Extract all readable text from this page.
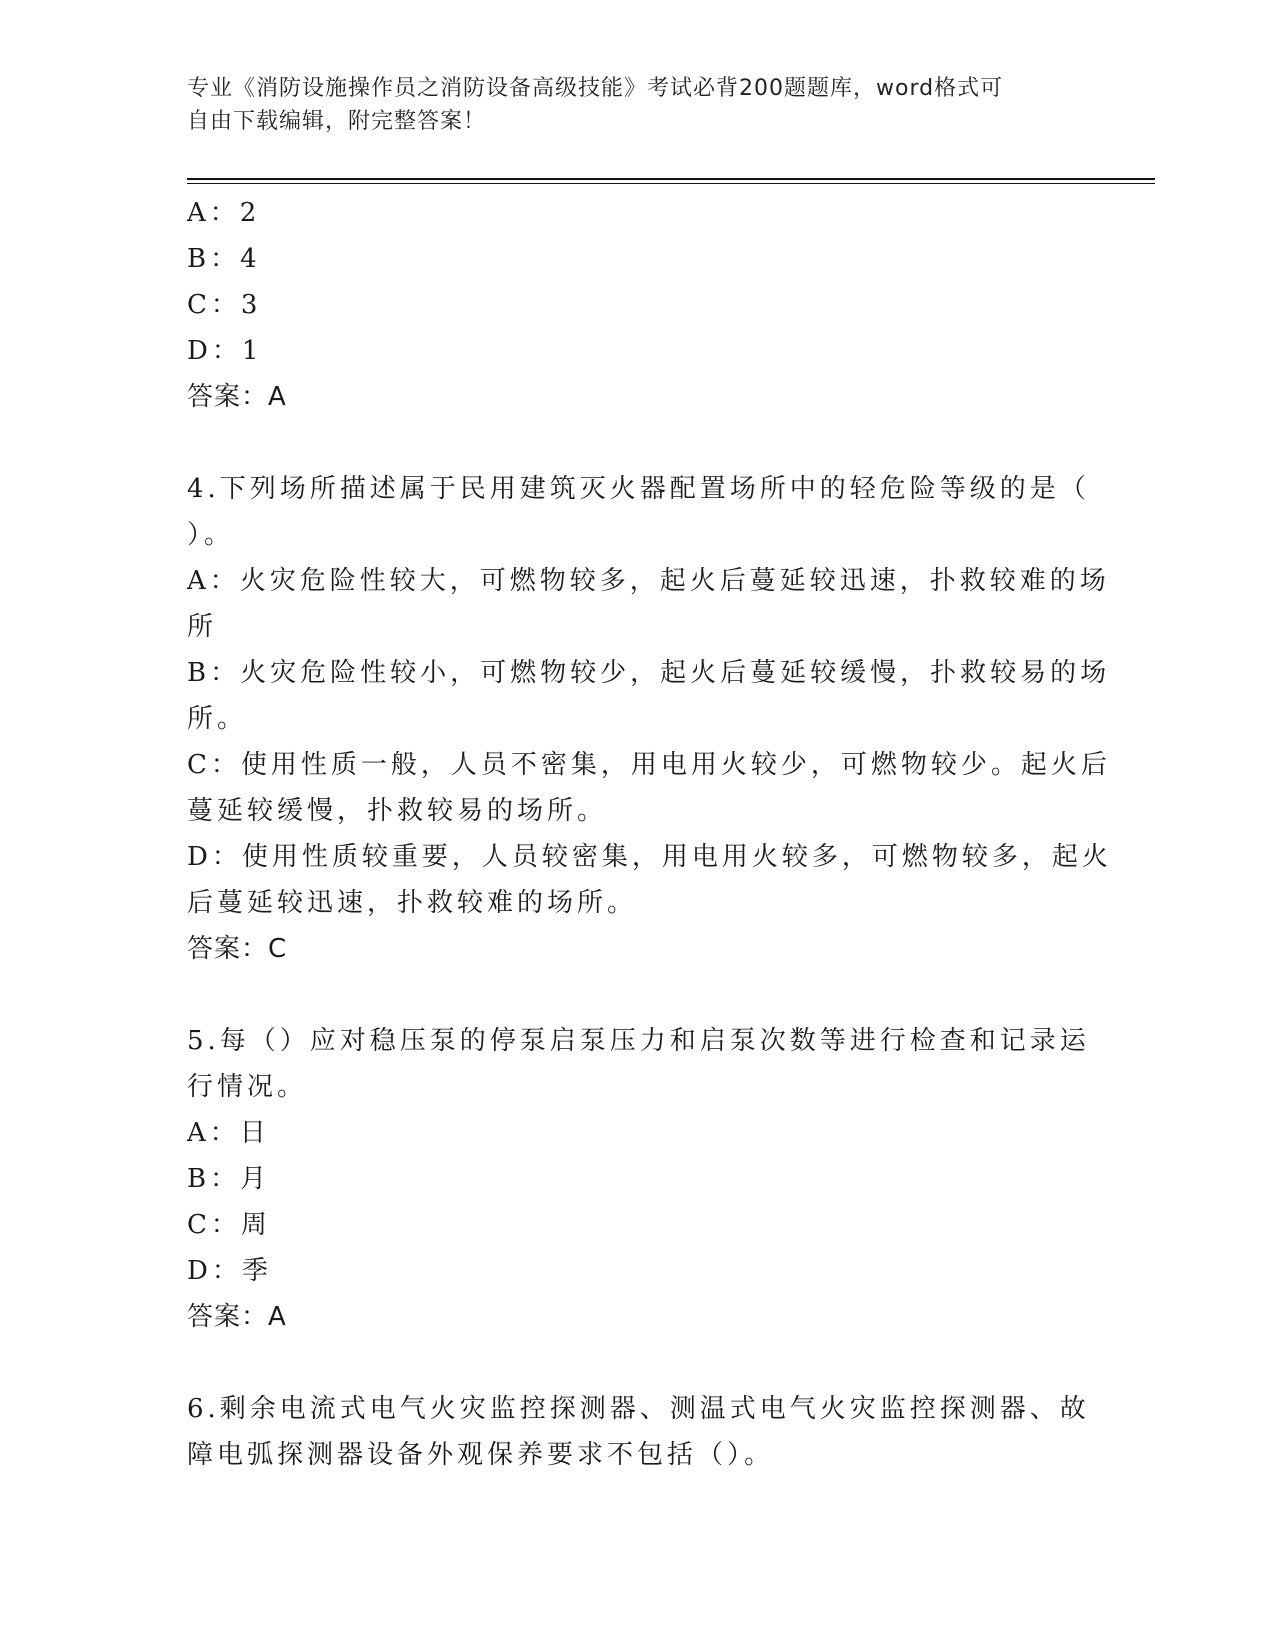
专业《消防设施操作员之消防设备高级技能》考试必背200题题库，word格式可
自由下载编辑，附完整答案！
A：2
B：4
C：3
D：1
答案：A
4.下列场所描述属于民用建筑灭火器配置场所中的轻危险等级的是（
）。
A：火灾危险性较大，可燃物较多，起火后蔓延较迅速，扑救较难的场
所
B：火灾危险性较小，可燃物较少，起火后蔓延较缓慢，扑救较易的场
所。
C：使用性质一般，人员不密集，用电用火较少，可燃物较少。起火后
蔓延较缓慢，扑救较易的场所。
D：使用性质较重要，人员较密集，用电用火较多，可燃物较多，起火
后蔓延较迅速，扑救较难的场所。
答案：C
5.每（）应对稳压泵的停泵启泵压力和启泵次数等进行检查和记录运
行情况。
A：日
B：月
C：周
D：季
答案：A
6.剩余电流式电气火灾监控探测器、测温式电气火灾监控探测器、故
障电弧探测器设备外观保养要求不包括（）。
